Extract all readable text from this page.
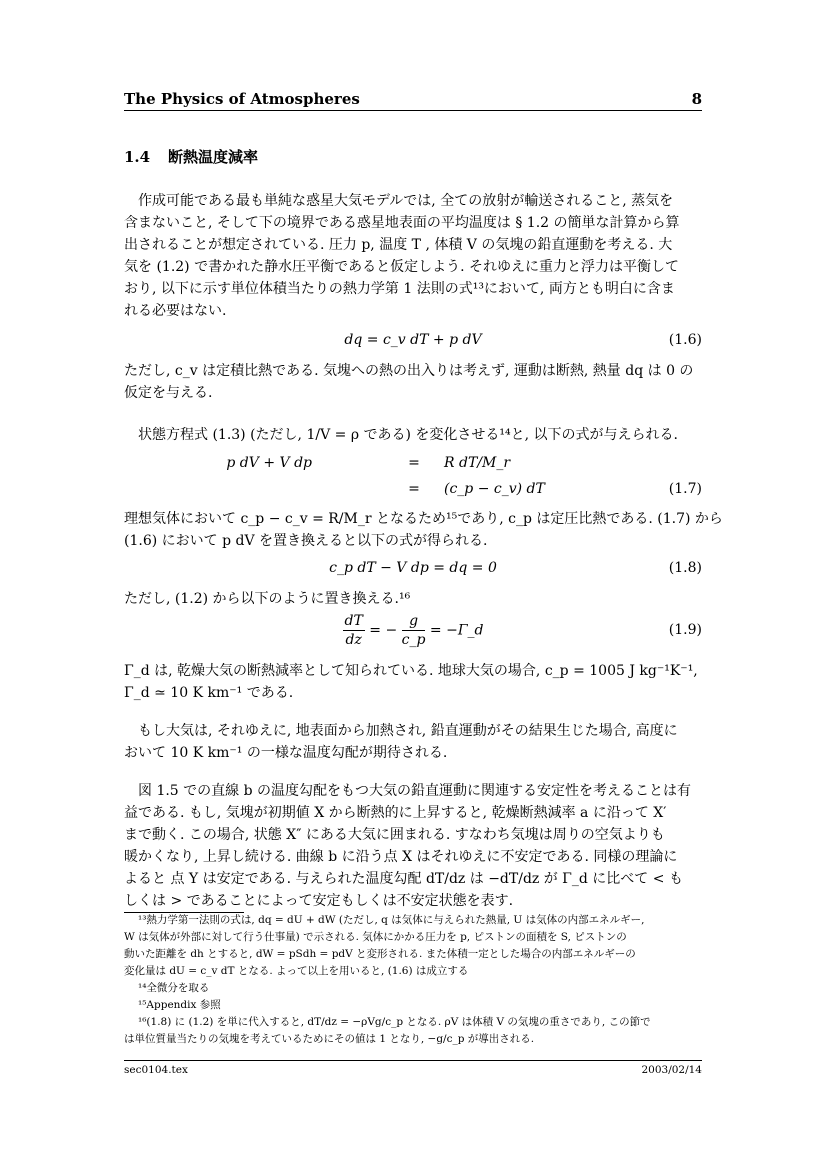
The Physics of Atmospheres	8
1.4 断熱温度減率
作成可能である最も単純な惑星大気モデルでは, 全ての放射が輸送されること, 蒸気を
含まないこと, そして下の境界である惑星地表面の平均温度は § 1.2 の簡単な計算から算
出されることが想定されている. 圧力 p, 温度 T , 体積 V の気塊の鉛直運動を考える. 大
気を (1.2) で書かれた静水圧平衡であると仮定しよう. それゆえに重力と浮力は平衡して
おり, 以下に示す単位体積当たりの熱力学第 1 法則の式¹³において, 両方とも明白に含ま
れる必要はない.
dq = c_v dT + p dV	(1.6)
ただし, c_v は定積比熱である. 気塊への熱の出入りは考えず, 運動は断熱, 熱量 dq は 0 の
仮定を与える.
状態方程式 (1.3) (ただし, 1/V = ρ である) を変化させる¹⁴と, 以下の式が与えられる.
p dV + V dp	=	R dT/M_r
=	(c_p − c_v) dT	(1.7)
理想気体において c_p − c_v = R/M_r となるため¹⁵であり, c_p は定圧比熱である. (1.7) から
(1.6) において p dV を置き換えると以下の式が得られる.
c_p dT − V dp = dq = 0	(1.8)
ただし, (1.2) から以下のように置き換える.¹⁶
$\frac{dT}{dz}$ = − $\frac{g}{c\_p}$ = −Γ_d	(1.9)
Γ_d は, 乾燥大気の断熱減率として知られている. 地球大気の場合, c_p = 1005 J kg⁻¹K⁻¹,
Γ_d ≃ 10 K km⁻¹ である.
もし大気は, それゆえに, 地表面から加熱され, 鉛直運動がその結果生じた場合, 高度に
おいて 10 K km⁻¹ の一様な温度勾配が期待される.
図 1.5 での直線 b の温度勾配をもつ大気の鉛直運動に関連する安定性を考えることは有
益である. もし, 気塊が初期値 X から断熱的に上昇すると, 乾燥断熱減率 a に沿って X′
まで動く. この場合, 状態 X″ にある大気に囲まれる. すなわち気塊は周りの空気よりも
暖かくなり, 上昇し続ける. 曲線 b に沿う点 X はそれゆえに不安定である. 同様の理論に
よると 点 Y は安定である. 与えられた温度勾配 dT/dz は −dT/dz が Γ_d に比べて < も
しくは > であることによって安定もしくは不安定状態を表す.
¹³熱力学第一法則の式は, dq = dU + dW (ただし, q は気体に与えられた熱量, U は気体の内部エネルギー,
W は気体が外部に対して行う仕事量) で示される. 気体にかかる圧力を p, ピストンの面積を S, ピストンの
動いた距離を dh とすると, dW = pSdh = pdV と変形される. また体積一定とした場合の内部エネルギーの
変化量は dU = c_v dT となる. よって以上を用いると, (1.6) は成立する
¹⁴全微分を取る
¹⁵Appendix 参照
¹⁶(1.8) に (1.2) を単に代入すると, dT/dz = −ρVg/c_p となる. ρV は体積 V の気塊の重さであり, この節で
は単位質量当たりの気塊を考えているためにその値は 1 となり, −g/c_p が導出される.
sec0104.tex	2003/02/14
